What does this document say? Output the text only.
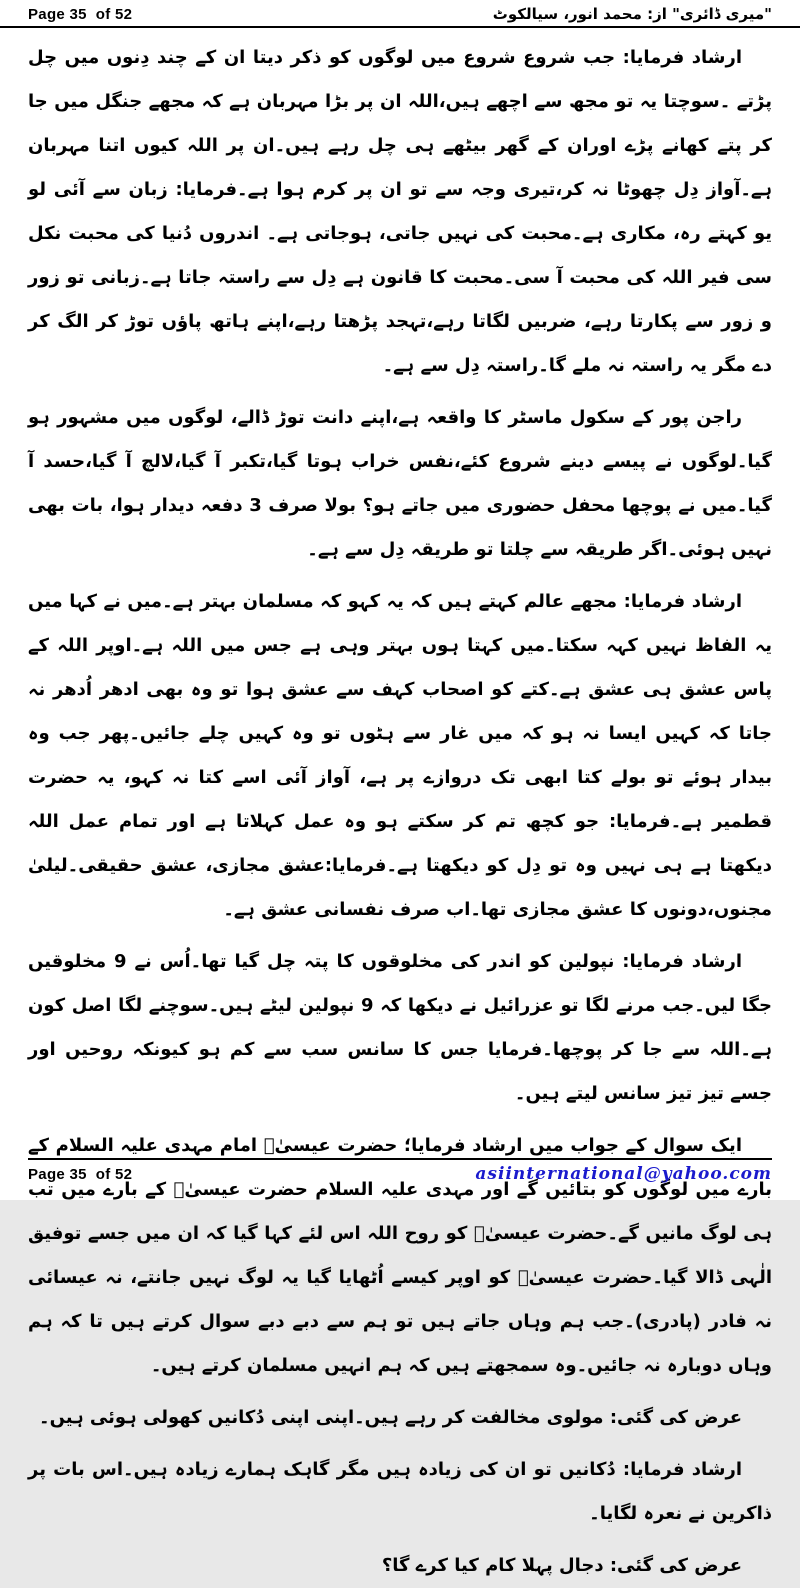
Page 35  of 52	"میری ڈائری" از: محمد انور، سیالکوٹ

ارشاد فرمایا: جب شروع شروع میں لوگوں کو ذکر دیتا ان کے چند دِنوں میں چل پڑتے ۔سوچتا یہ تو مجھ سے اچھے ہیں،اللہ ان پر بڑا مہربان ہے کہ مجھے جنگل میں جا کر پتے کھانے پڑے اوران کے گھر بیٹھے ہی چل رہے ہیں۔ان پر اللہ کیوں اتنا مہربان ہے۔آواز دِل چھوٹا نہ کر،تیری وجہ سے تو ان پر کرم ہوا ہے۔فرمایا: زبان سے آئی لو یو کہتے رہ، مکاری ہے۔محبت کی نہیں جاتی، ہوجاتی ہے۔ اندروں دُنیا کی محبت نکل سی فیر اللہ کی محبت آ سی۔محبت کا قانون ہے دِل سے راستہ جاتا ہے۔زبانی تو زور و زور سے پکارتا رہے، ضربیں لگاتا رہے،تہجد پڑھتا رہے،اپنے ہاتھ پاؤں توڑ کر الگ کر دے مگر یہ راستہ نہ ملے گا۔راستہ دِل سے ہے۔

راجن پور کے سکول ماسٹر کا واقعہ ہے،اپنے دانت توڑ ڈالے، لوگوں میں مشہور ہو گیا۔لوگوں نے پیسے دینے شروع کئے،نفس خراب ہوتا گیا،تکبر آ گیا،لالچ آ گیا،حسد آ گیا۔میں نے پوچھا محفل حضوری میں جاتے ہو؟ بولا صرف 3 دفعہ دیدار ہوا، بات بھی نہیں ہوئی۔اگر طریقہ سے چلتا تو طریقہ دِل سے ہے۔

ارشاد فرمایا: مجھے عالم کہتے ہیں کہ یہ کہو کہ مسلمان بہتر ہے۔میں نے کہا میں یہ الفاظ نہیں کہہ سکتا۔میں کہتا ہوں بہتر وہی ہے جس میں اللہ ہے۔اوپر اللہ کے پاس عشق ہی عشق ہے۔کتے کو اصحاب کہف سے عشق ہوا تو وہ بھی ادھر اُدھر نہ جاتا کہ کہیں ایسا نہ ہو کہ میں غار سے ہٹوں تو وہ کہیں چلے جائیں۔پھر جب وہ بیدار ہوئے تو بولے کتا ابھی تک دروازے پر ہے، آواز آئی اسے کتا نہ کہو، یہ حضرت قطمیر ہے۔فرمایا: جو کچھ تم کر سکتے ہو وہ عمل کہلاتا ہے اور تمام عمل اللہ دیکھتا ہے ہی نہیں وہ تو دِل کو دیکھتا ہے۔فرمایا:عشق مجازی، عشق حقیقی۔لیلیٰ مجنوں،دونوں کا عشق مجازی تھا۔اب صرف نفسانی عشق ہے۔

ارشاد فرمایا: نپولین کو اندر کی مخلوقوں کا پتہ چل گیا تھا۔اُس نے 9 مخلوقیں جگا لیں۔جب مرنے لگا تو عزرائیل نے دیکھا کہ 9 نپولین لیٹے ہیں۔سوچنے لگا اصل کون ہے۔اللہ سے جا کر پوچھا۔فرمایا جس کا سانس سب سے کم ہو کیونکہ روحیں اور جسے تیز تیز سانس لیتے ہیں۔

ایک سوال کے جواب میں ارشاد فرمایا؛ حضرت عیسیٰؑ امام مہدی علیہ السلام کے بارے میں لوگوں کو بتائیں گے اور مہدی علیہ السلام حضرت عیسیٰؑ کے بارے میں تب ہی لوگ مانیں گے۔حضرت عیسیٰؑ کو روح اللہ اس لئے کہا گیا کہ ان میں جسے توفیق الٰہی ڈالا گیا۔حضرت عیسیٰؑ کو اوپر کیسے اُٹھایا گیا یہ لوگ نہیں جانتے، نہ عیسائی نہ فادر (پادری)۔جب ہم وہاں جاتے ہیں تو ہم سے دبے دبے سوال کرتے ہیں تا کہ ہم وہاں دوبارہ نہ جائیں۔وہ سمجھتے ہیں کہ ہم انہیں مسلمان کرتے ہیں۔

عرض کی گئی: مولوی مخالفت کر رہے ہیں۔اپنی اپنی دُکانیں کھولی ہوئی ہیں۔

ارشاد فرمایا: دُکانیں تو ان کی زیادہ ہیں مگر گاہک ہمارے زیادہ ہیں۔اس بات پر ذاکرین نے نعرہ لگایا۔

عرض کی گئی: دجال پہلا کام کیا کرے گا؟

Page 35  of 52	asiinternational@yahoo.com
